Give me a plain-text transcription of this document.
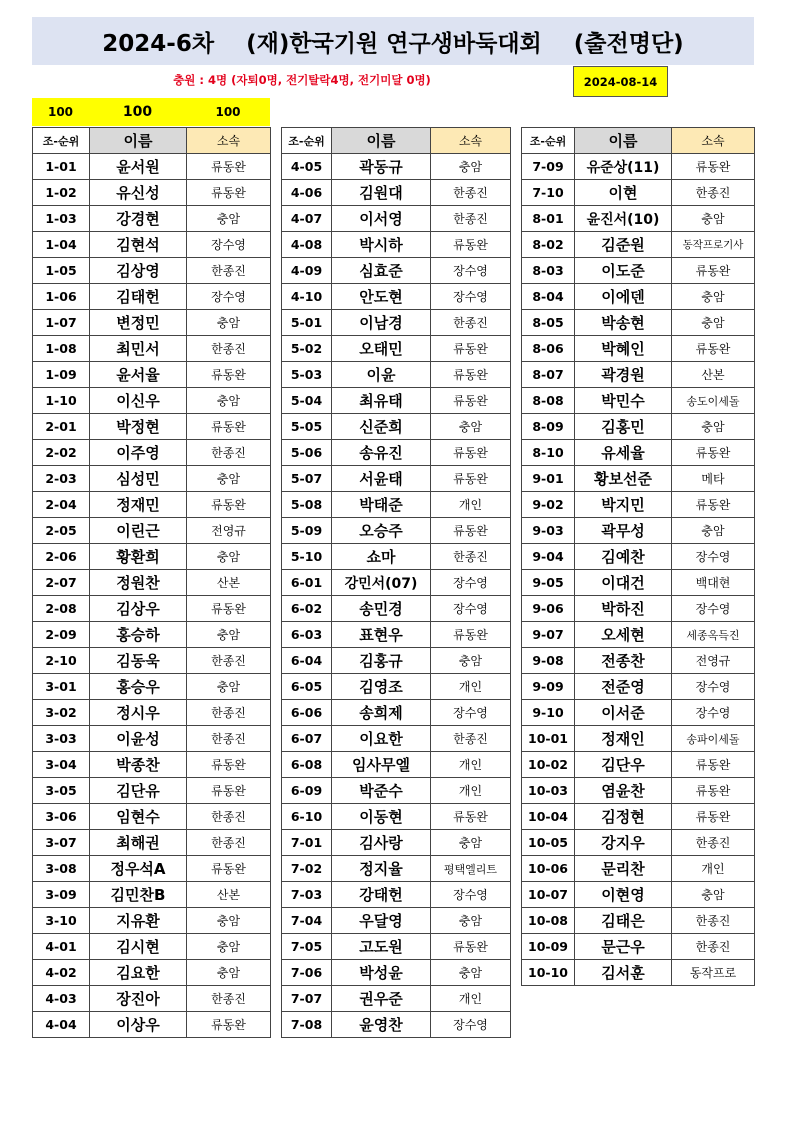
2024-6차    (재)한국기원 연구생바둑대회    (출전명단)
충원 : 4명 (자퇴0명, 전기탈락4명, 전기미달 0명)	2024-08-14
100	100	100
조-순위	이름	소속
1-01	윤서원	류동완
1-02	유신성	류동완
1-03	강경현	충암
1-04	김현석	장수영
1-05	김상영	한종진
1-06	김태헌	장수영
1-07	변정민	충암
1-08	최민서	한종진
1-09	윤서율	류동완
1-10	이신우	충암
2-01	박정현	류동완
2-02	이주영	한종진
2-03	심성민	충암
2-04	정재민	류동완
2-05	이린근	전영규
2-06	황환희	충암
2-07	정원찬	산본
2-08	김상우	류동완
2-09	홍승하	충암
2-10	김동욱	한종진
3-01	홍승우	충암
3-02	정시우	한종진
3-03	이윤성	한종진
3-04	박종찬	류동완
3-05	김단유	류동완
3-06	임현수	한종진
3-07	최해권	한종진
3-08	정우석A	류동완
3-09	김민찬B	산본
3-10	지유환	충암
4-01	김시현	충암
4-02	김요한	충암
4-03	장진아	한종진
4-04	이상우	류동완
조-순위	이름	소속
4-05	곽동규	충암
4-06	김원대	한종진
4-07	이서영	한종진
4-08	박시하	류동완
4-09	심효준	장수영
4-10	안도현	장수영
5-01	이남경	한종진
5-02	오태민	류동완
5-03	이윤	류동완
5-04	최유태	류동완
5-05	신준희	충암
5-06	송유진	류동완
5-07	서윤태	류동완
5-08	박태준	개인
5-09	오승주	류동완
5-10	쇼마	한종진
6-01	강민서(07)	장수영
6-02	송민경	장수영
6-03	표현우	류동완
6-04	김홍규	충암
6-05	김영조	개인
6-06	송희제	장수영
6-07	이요한	한종진
6-08	임사무엘	개인
6-09	박준수	개인
6-10	이동현	류동완
7-01	김사랑	충암
7-02	정지율	평택엘리트
7-03	강태헌	장수영
7-04	우달영	충암
7-05	고도원	류동완
7-06	박성윤	충암
7-07	권우준	개인
7-08	윤영찬	장수영
조-순위	이름	소속
7-09	유준상(11)	류동완
7-10	이현	한종진
8-01	윤진서(10)	충암
8-02	김준원	동작프로기사
8-03	이도준	류동완
8-04	이에덴	충암
8-05	박송현	충암
8-06	박혜인	류동완
8-07	곽경원	산본
8-08	박민수	송도이세돌
8-09	김홍민	충암
8-10	유세율	류동완
9-01	황보선준	메타
9-02	박지민	류동완
9-03	곽무성	충암
9-04	김예찬	장수영
9-05	이대건	백대현
9-06	박하진	장수영
9-07	오세현	세종옥득진
9-08	전종찬	전영규
9-09	전준영	장수영
9-10	이서준	장수영
10-01	정재인	송파이세돌
10-02	김단우	류동완
10-03	염윤찬	류동완
10-04	김정현	류동완
10-05	강지우	한종진
10-06	문리찬	개인
10-07	이현영	충암
10-08	김태은	한종진
10-09	문근우	한종진
10-10	김서훈	동작프로
